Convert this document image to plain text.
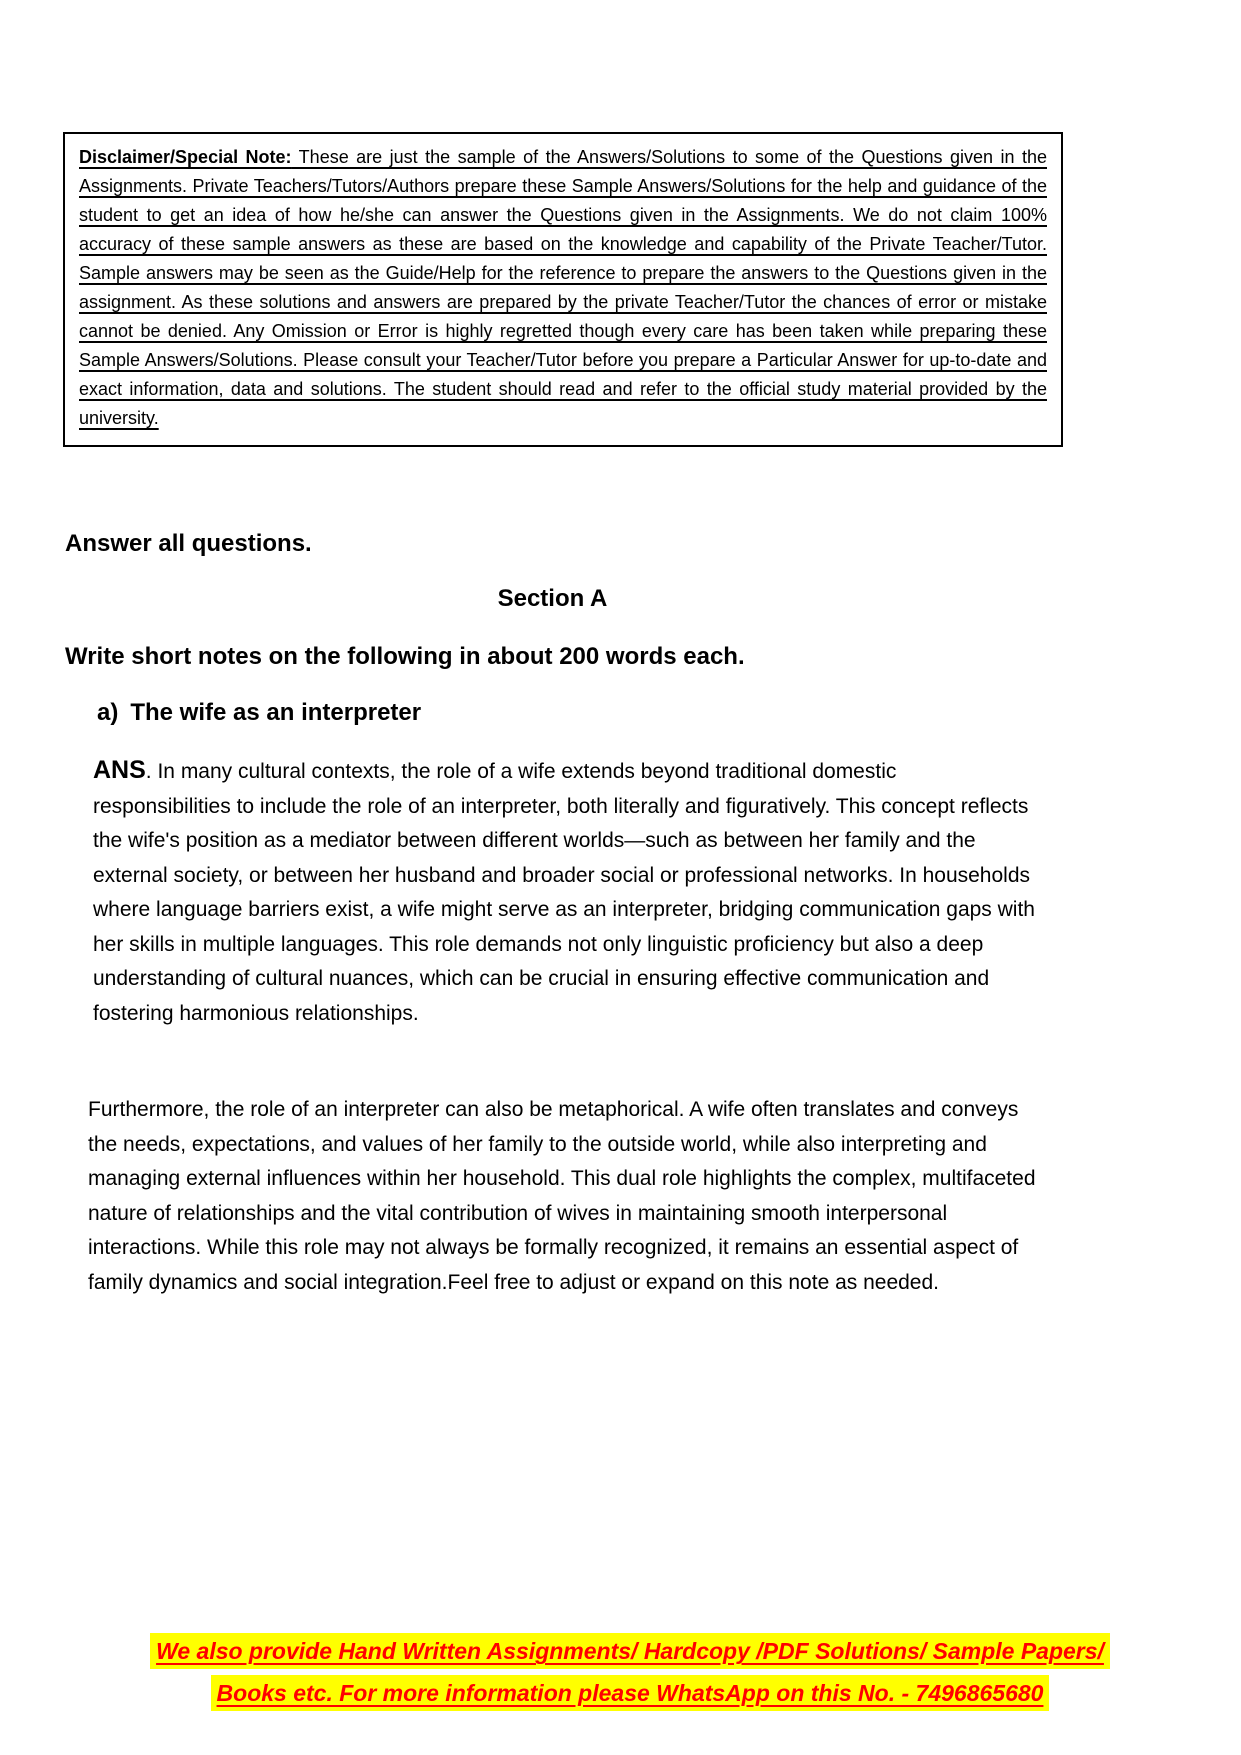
Disclaimer/Special Note: These are just the sample of the Answers/Solutions to some of the Questions given in the Assignments. Private Teachers/Tutors/Authors prepare these Sample Answers/Solutions for the help and guidance of the student to get an idea of how he/she can answer the Questions given in the Assignments. We do not claim 100% accuracy of these sample answers as these are based on the knowledge and capability of the Private Teacher/Tutor. Sample answers may be seen as the Guide/Help for the reference to prepare the answers to the Questions given in the assignment. As these solutions and answers are prepared by the private Teacher/Tutor the chances of error or mistake cannot be denied. Any Omission or Error is highly regretted though every care has been taken while preparing these Sample Answers/Solutions. Please consult your Teacher/Tutor before you prepare a Particular Answer for up-to-date and exact information, data and solutions. The student should read and refer to the official study material provided by the university.

Answer all questions.
Section A
Write short notes on the following in about 200 words each.
a) The wife as an interpreter

ANS. In many cultural contexts, the role of a wife extends beyond traditional domestic responsibilities to include the role of an interpreter, both literally and figuratively. This concept reflects the wife's position as a mediator between different worlds—such as between her family and the external society, or between her husband and broader social or professional networks. In households where language barriers exist, a wife might serve as an interpreter, bridging communication gaps with her skills in multiple languages. This role demands not only linguistic proficiency but also a deep understanding of cultural nuances, which can be crucial in ensuring effective communication and fostering harmonious relationships.

Furthermore, the role of an interpreter can also be metaphorical. A wife often translates and conveys the needs, expectations, and values of her family to the outside world, while also interpreting and managing external influences within her household. This dual role highlights the complex, multifaceted nature of relationships and the vital contribution of wives in maintaining smooth interpersonal interactions. While this role may not always be formally recognized, it remains an essential aspect of family dynamics and social integration.Feel free to adjust or expand on this note as needed.

We also provide Hand Written Assignments/ Hardcopy /PDF Solutions/ Sample Papers/
Books etc. For more information please WhatsApp on this No. - 7496865680
